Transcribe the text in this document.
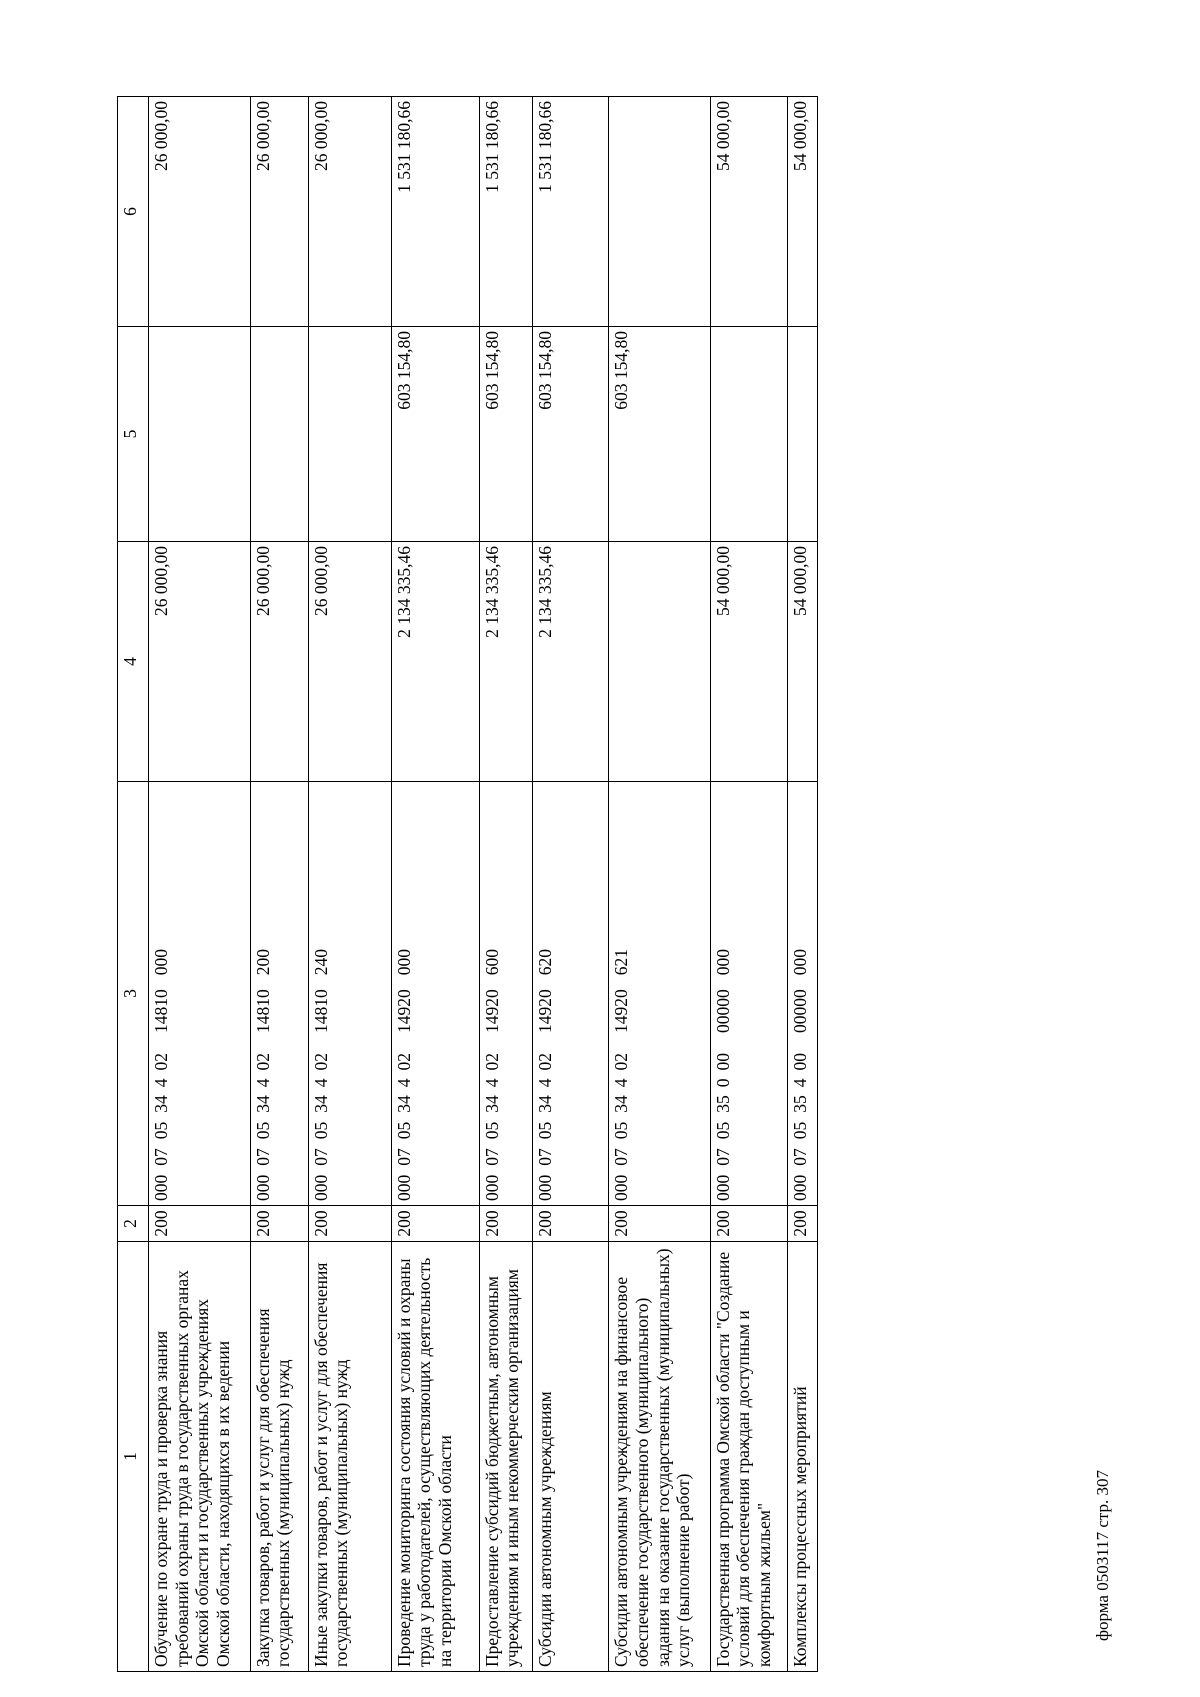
форма 0503117 стр. 307
1	2	3	4	5	6
Обучение по охране труда и проверка знания требований охраны труда в государственных органах Омской области и государственных учреждениях Омской области, находящихся в их ведении	200	00007053440214810000	26 000,00		26 000,00
Закупка товаров, работ и услуг для обеспечения государственных (муниципальных) нужд	200	00007053440214810200	26 000,00		26 000,00
Иные закупки товаров, работ и услуг для обеспечения государственных (муниципальных) нужд	200	00007053440214810240	26 000,00		26 000,00
Проведение мониторинга состояния условий и охраны труда у работодателей, осуществляющих деятельность на территории Омской области	200	00007053440214920000	2 134 335,46	603 154,80	1 531 180,66
Предоставление субсидий бюджетным, автономным учреждениям и иным некоммерческим организациям	200	00007053440214920600	2 134 335,46	603 154,80	1 531 180,66
Субсидии автономным учреждениям	200	00007053440214920620	2 134 335,46	603 154,80	1 531 180,66
Субсидии автономным учреждениям на финансовое обеспечение государственного (муниципального) задания на оказание государственных (муниципальных) услуг (выполнение работ)	200	00007053440214920621		603 154,80	
Государственная программа Омской области "Создание условий для обеспечения граждан доступным и комфортным жильем"	200	00007053500000000000	54 000,00		54 000,00
Комплексы процессных мероприятий	200	00007053540000000000	54 000,00		54 000,00
